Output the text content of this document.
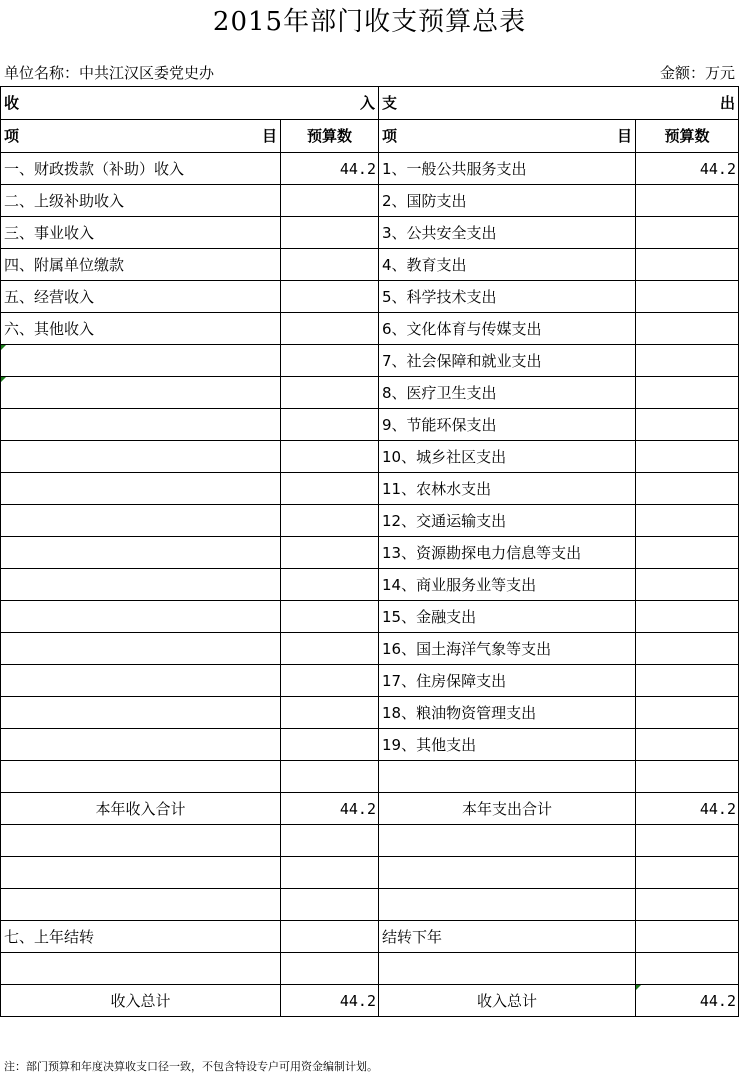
2015年部门收支预算总表
单位名称：中共江汉区委党史办	金额：万元
收 入		支 出	

项 目	预算数	项 目	预算数
一、财政拨款（补助）收入	44.2	1、一般公共服务支出	44.2
二、上级补助收入		2、国防支出	
三、事业收入		3、公共安全支出	
四、附属单位缴款		4、教育支出	
五、经营收入		5、科学技术支出	
六、其他收入		6、文化体育与传媒支出	
		7、社会保障和就业支出	
		8、医疗卫生支出	
		9、节能环保支出	
		10、城乡社区支出	
		11、农林水支出	
		12、交通运输支出	
		13、资源勘探电力信息等支出	
		14、商业服务业等支出	
		15、金融支出	
		16、国土海洋气象等支出	
		17、住房保障支出	
		18、粮油物资管理支出	
		19、其他支出	

本年收入合计	44.2	本年支出合计	44.2

七、上年结转		结转下年	

收入总计	44.2	收入总计	44.2
注：部门预算和年度决算收支口径一致，不包含特设专户可用资金编制计划。
